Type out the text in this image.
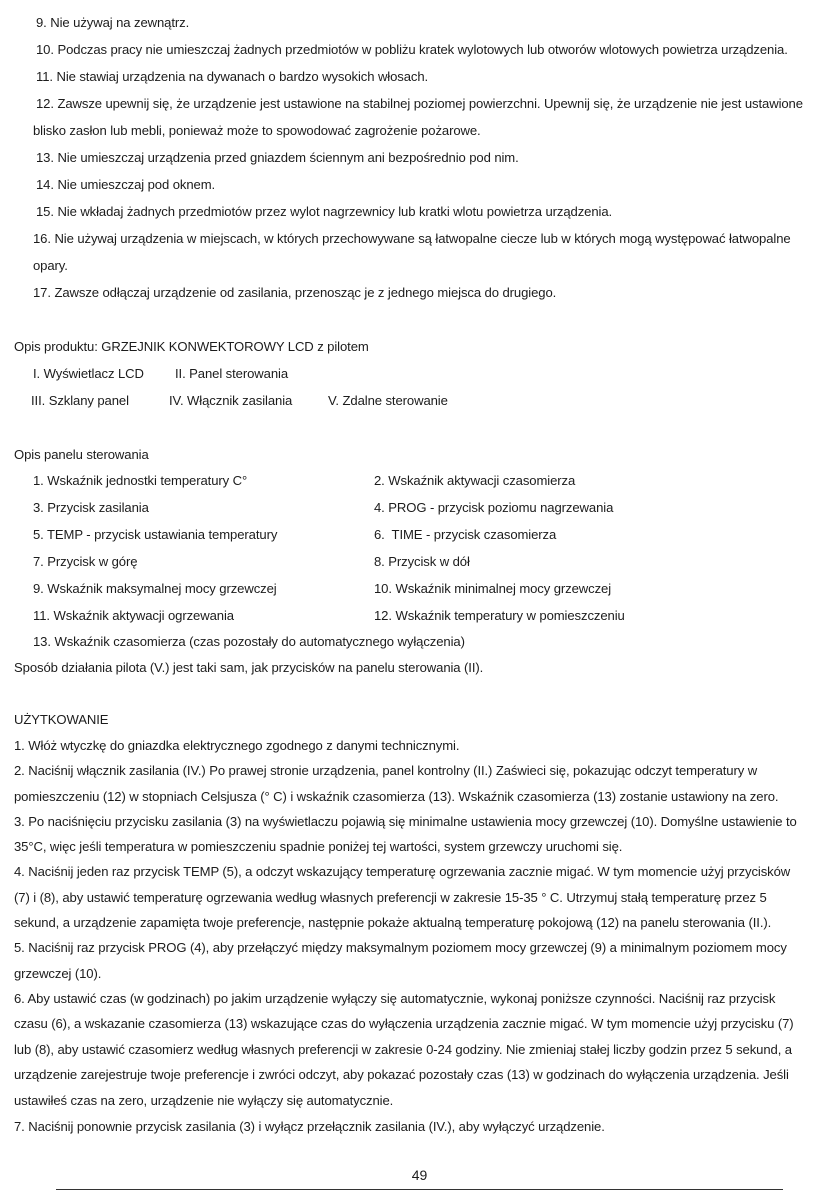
9. Nie używaj na zewnątrz.
10. Podczas pracy nie umieszczaj żadnych przedmiotów w pobliżu kratek wylotowych lub otworów wlotowych powietrza urządzenia.
11. Nie stawiaj urządzenia na dywanach o bardzo wysokich włosach.
12. Zawsze upewnij się, że urządzenie jest ustawione na stabilnej poziomej powierzchni. Upewnij się, że urządzenie nie jest ustawione
blisko zasłon lub mebli, ponieważ może to spowodować zagrożenie pożarowe.
13. Nie umieszczaj urządzenia przed gniazdem ściennym ani bezpośrednio pod nim.
14. Nie umieszczaj pod oknem.
15. Nie wkładaj żadnych przedmiotów przez wylot nagrzewnicy lub kratki wlotu powietrza urządzenia.
16. Nie używaj urządzenia w miejscach, w których przechowywane są łatwopalne ciecze lub w których mogą występować łatwopalne
opary.
17. Zawsze odłączaj urządzenie od zasilania, przenosząc je z jednego miejsca do drugiego.
Opis produktu: GRZEJNIK KONWEKTOROWY LCD z pilotem
I. Wyświetlacz LCD II. Panel sterowania
III. Szklany panel	IV. Włącznik zasilania	V. Zdalne sterowanie
Opis panelu sterowania
1. Wskaźnik jednostki temperatury C°	2. Wskaźnik aktywacji czasomierza
3. Przycisk zasilania	4. PROG - przycisk poziomu nagrzewania
5. TEMP - przycisk ustawiania temperatury	6.  TIME - przycisk czasomierza
7. Przycisk w górę	8. Przycisk w dół
9. Wskaźnik maksymalnej mocy grzewczej	10. Wskaźnik minimalnej mocy grzewczej
11. Wskaźnik aktywacji ogrzewania	12. Wskaźnik temperatury w pomieszczeniu
13. Wskaźnik czasomierza (czas pozostały do automatycznego wyłączenia)
Sposób działania pilota (V.) jest taki sam, jak przycisków na panelu sterowania (II).
UŻYTKOWANIE
1. Włóż wtyczkę do gniazdka elektrycznego zgodnego z danymi technicznymi.
2. Naciśnij włącznik zasilania (IV.) Po prawej stronie urządzenia, panel kontrolny (II.) Zaświeci się, pokazując odczyt temperatury w
pomieszczeniu (12) w stopniach Celsjusza (° C) i wskaźnik czasomierza (13). Wskaźnik czasomierza (13) zostanie ustawiony na zero.
3. Po naciśnięciu przycisku zasilania (3) na wyświetlaczu pojawią się minimalne ustawienia mocy grzewczej (10). Domyślne ustawienie to
35°C, więc jeśli temperatura w pomieszczeniu spadnie poniżej tej wartości, system grzewczy uruchomi się.
4. Naciśnij jeden raz przycisk TEMP (5), a odczyt wskazujący temperaturę ogrzewania zacznie migać. W tym momencie użyj przycisków
(7) i (8), aby ustawić temperaturę ogrzewania według własnych preferencji w zakresie 15-35 ° C. Utrzymuj stałą temperaturę przez 5
sekund, a urządzenie zapamięta twoje preferencje, następnie pokaże aktualną temperaturę pokojową (12) na panelu sterowania (II.).
5. Naciśnij raz przycisk PROG (4), aby przełączyć między maksymalnym poziomem mocy grzewczej (9) a minimalnym poziomem mocy
grzewczej (10).
6. Aby ustawić czas (w godzinach) po jakim urządzenie wyłączy się automatycznie, wykonaj poniższe czynności. Naciśnij raz przycisk
czasu (6), a wskazanie czasomierza (13) wskazujące czas do wyłączenia urządzenia zacznie migać. W tym momencie użyj przycisku (7)
lub (8), aby ustawić czasomierz według własnych preferencji w zakresie 0-24 godziny. Nie zmieniaj stałej liczby godzin przez 5 sekund, a
urządzenie zarejestruje twoje preferencje i zwróci odczyt, aby pokazać pozostały czas (13) w godzinach do wyłączenia urządzenia. Jeśli
ustawiłeś czas na zero, urządzenie nie wyłączy się automatycznie.
7. Naciśnij ponownie przycisk zasilania (3) i wyłącz przełącznik zasilania (IV.), aby wyłączyć urządzenie.
49
